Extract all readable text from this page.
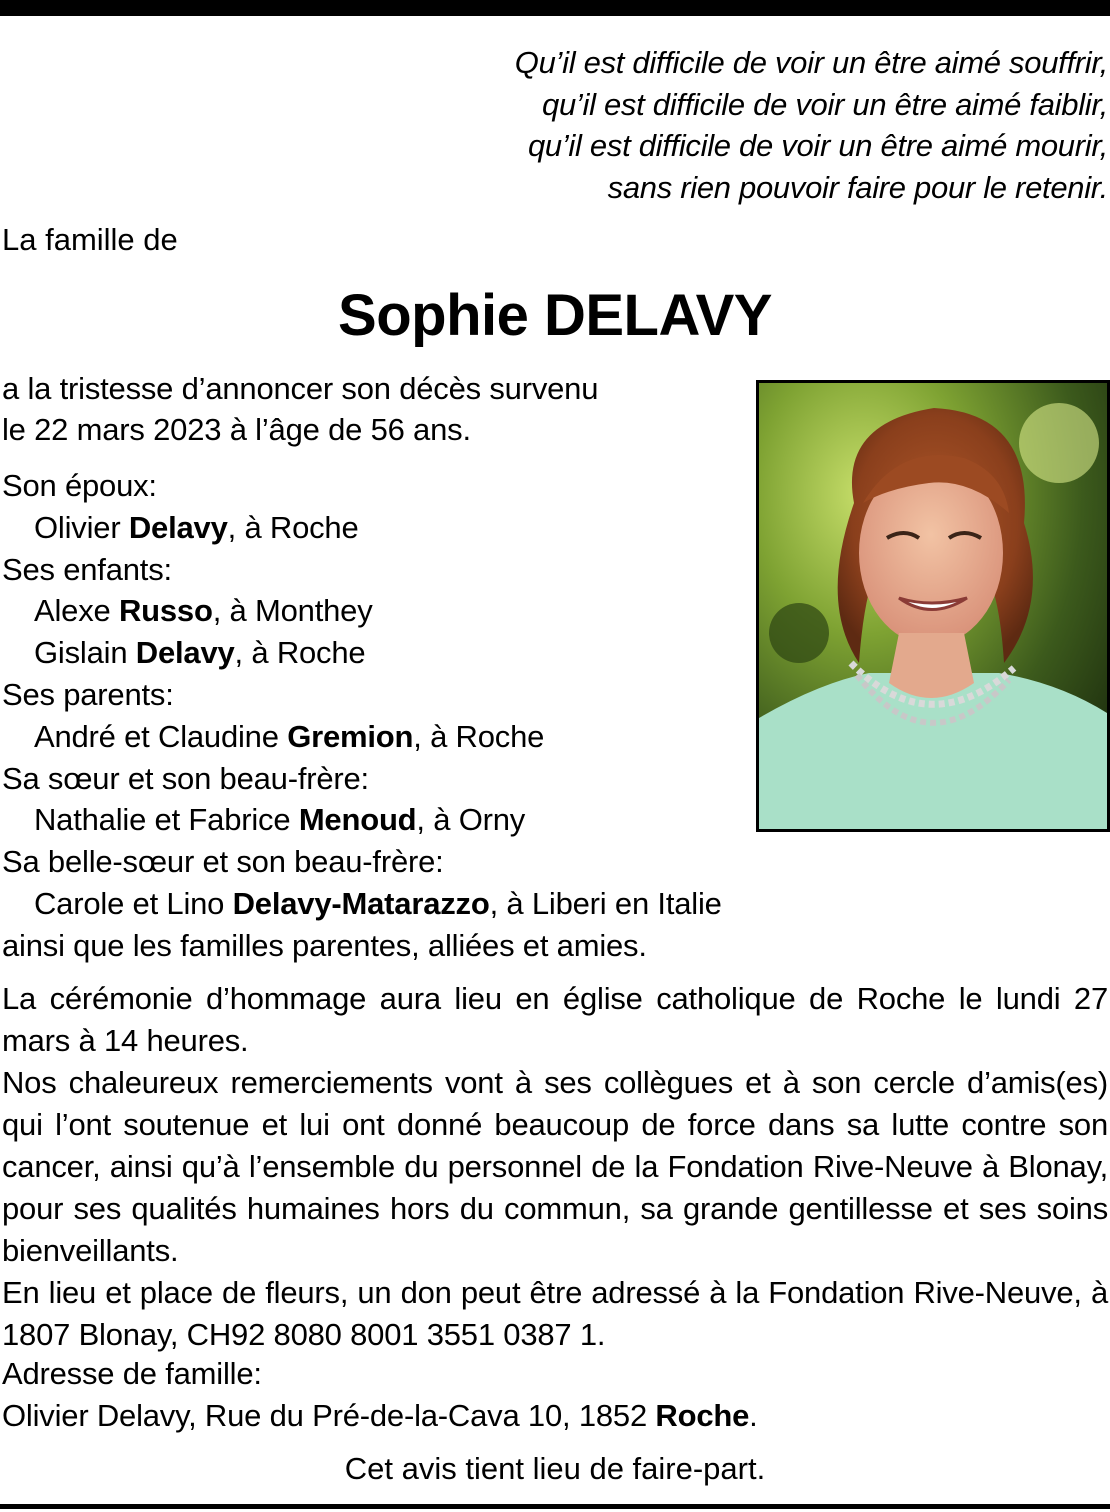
Qu’il est difficile de voir un être aimé souffrir,
qu’il est difficile de voir un être aimé faiblir,
qu’il est difficile de voir un être aimé mourir,
sans rien pouvoir faire pour le retenir.
La famille de
Sophie DELAVY
a la tristesse d’annoncer son décès survenu
le 22 mars 2023 à l’âge de 56 ans.
Son époux:
Olivier Delavy, à Roche
Ses enfants:
Alexe Russo, à Monthey
Gislain Delavy, à Roche
Ses parents:
André et Claudine Gremion, à Roche
Sa sœur et son beau-frère:
Nathalie et Fabrice Menoud, à Orny
Sa belle-sœur et son beau-frère:
Carole et Lino Delavy-Matarazzo, à Liberi en Italie
ainsi que les familles parentes, alliées et amies.

La cérémonie d’hommage aura lieu en église catholique de Roche le lundi 27 mars à 14 heures.

Nos chaleureux remerciements vont à ses collègues et à son cercle d’amis(es) qui l’ont soutenue et lui ont donné beaucoup de force dans sa lutte contre son cancer, ainsi qu’à l’ensemble du personnel de la Fondation Rive-Neuve à Blonay, pour ses qualités humaines hors du commun, sa grande gentillesse et ses soins bienveillants.

En lieu et place de fleurs, un don peut être adressé à la Fondation Rive-Neuve, à 1807 Blonay, CH92 8080 8001 3551 0387 1.

Adresse de famille:
Olivier Delavy, Rue du Pré-de-la-Cava 10, 1852 Roche.
Cet avis tient lieu de faire-part.
